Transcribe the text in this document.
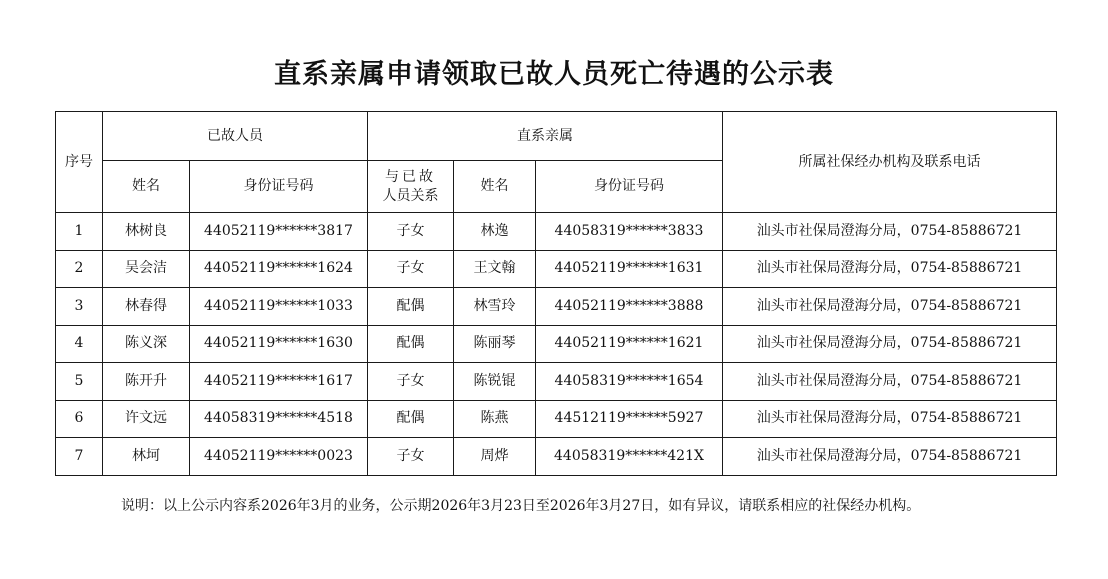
直系亲属申请领取已故人员死亡待遇的公示表
序号	已故人员		直系亲属			所属社保经办机构及联系电话
	姓名	身份证号码	与已故
人员关系	姓名	身份证号码	
1	林树良	44052119******3817	子女	林逸	44058319******3833	汕头市社保局澄海分局，0754-85886721
2	吴会洁	44052119******1624	子女	王文翰	44052119******1631	汕头市社保局澄海分局，0754-85886721
3	林春得	44052119******1033	配偶	林雪玲	44052119******3888	汕头市社保局澄海分局，0754-85886721
4	陈义深	44052119******1630	配偶	陈丽琴	44052119******1621	汕头市社保局澄海分局，0754-85886721
5	陈开升	44052119******1617	子女	陈锐锟	44058319******1654	汕头市社保局澄海分局，0754-85886721
6	许文远	44058319******4518	配偶	陈燕	44512119******5927	汕头市社保局澄海分局，0754-85886721
7	林坷	44052119******0023	子女	周烨	44058319******421X	汕头市社保局澄海分局，0754-85886721
说明：以上公示内容系2026年3月的业务，公示期2026年3月23日至2026年3月27日，如有异议，请联系相应的社保经办机构。
